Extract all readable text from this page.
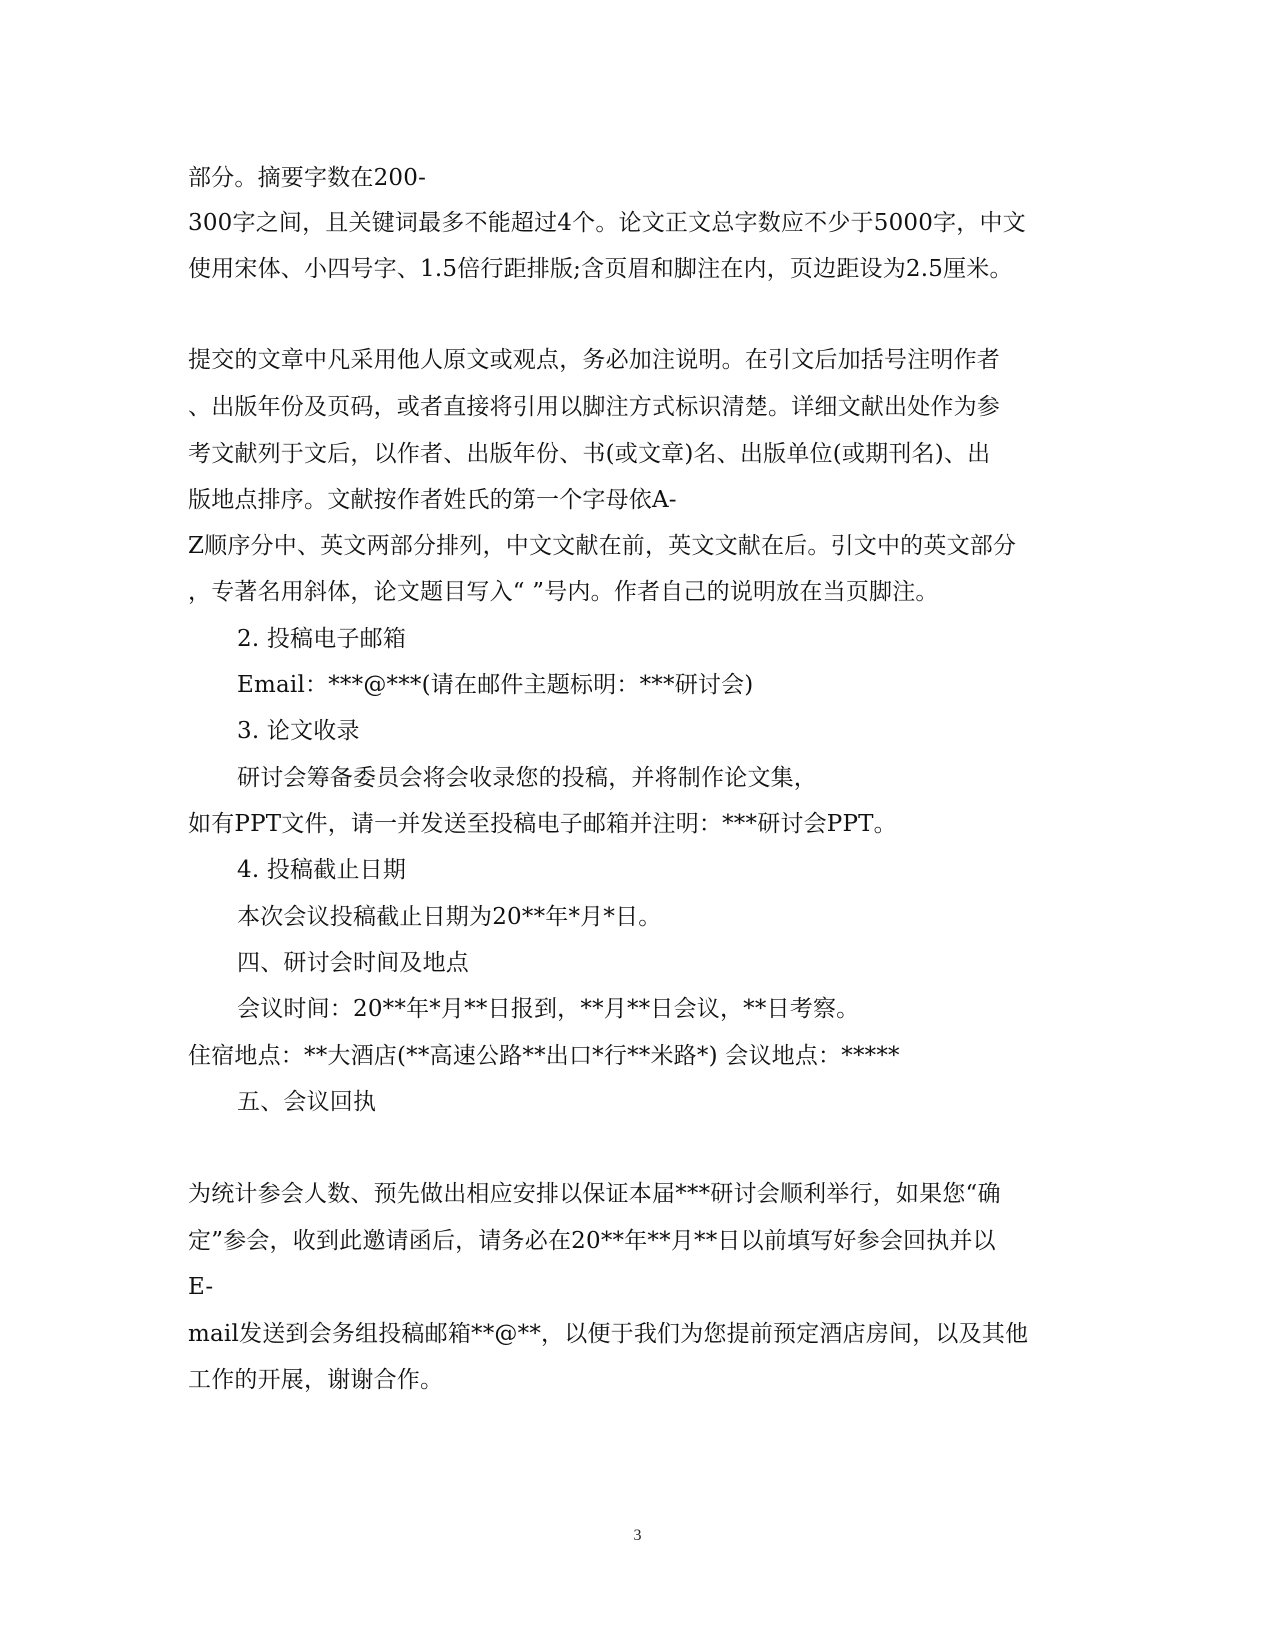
部分。摘要字数在200-
300字之间，且关键词最多不能超过4个。论文正文总字数应不少于5000字，中文
使用宋体、小四号字、1.5倍行距排版;含页眉和脚注在内，页边距设为2.5厘米。
提交的文章中凡采用他人原文或观点，务必加注说明。在引文后加括号注明作者
、出版年份及页码，或者直接将引用以脚注方式标识清楚。详细文献出处作为参
考文献列于文后，以作者、出版年份、书(或文章)名、出版单位(或期刊名)、出
版地点排序。文献按作者姓氏的第一个字母依A-
Z顺序分中、英文两部分排列，中文文献在前，英文文献在后。引文中的英文部分
，专著名用斜体，论文题目写入“ ”号内。作者自己的说明放在当页脚注。
2. 投稿电子邮箱
Email：***@***(请在邮件主题标明：***研讨会)
3. 论文收录
研讨会筹备委员会将会收录您的投稿，并将制作论文集，
如有PPT文件，请一并发送至投稿电子邮箱并注明：***研讨会PPT。
4. 投稿截止日期
本次会议投稿截止日期为20**年*月*日。
四、研讨会时间及地点
会议时间：20**年*月**日报到，**月**日会议，**日考察。
住宿地点：**大酒店(**高速公路**出口*行**米路*) 会议地点：*****
五、会议回执
为统计参会人数、预先做出相应安排以保证本届***研讨会顺利举行，如果您“确
定”参会，收到此邀请函后，请务必在20**年**月**日以前填写好参会回执并以
E-
mail发送到会务组投稿邮箱**@**，以便于我们为您提前预定酒店房间，以及其他
工作的开展，谢谢合作。
3
